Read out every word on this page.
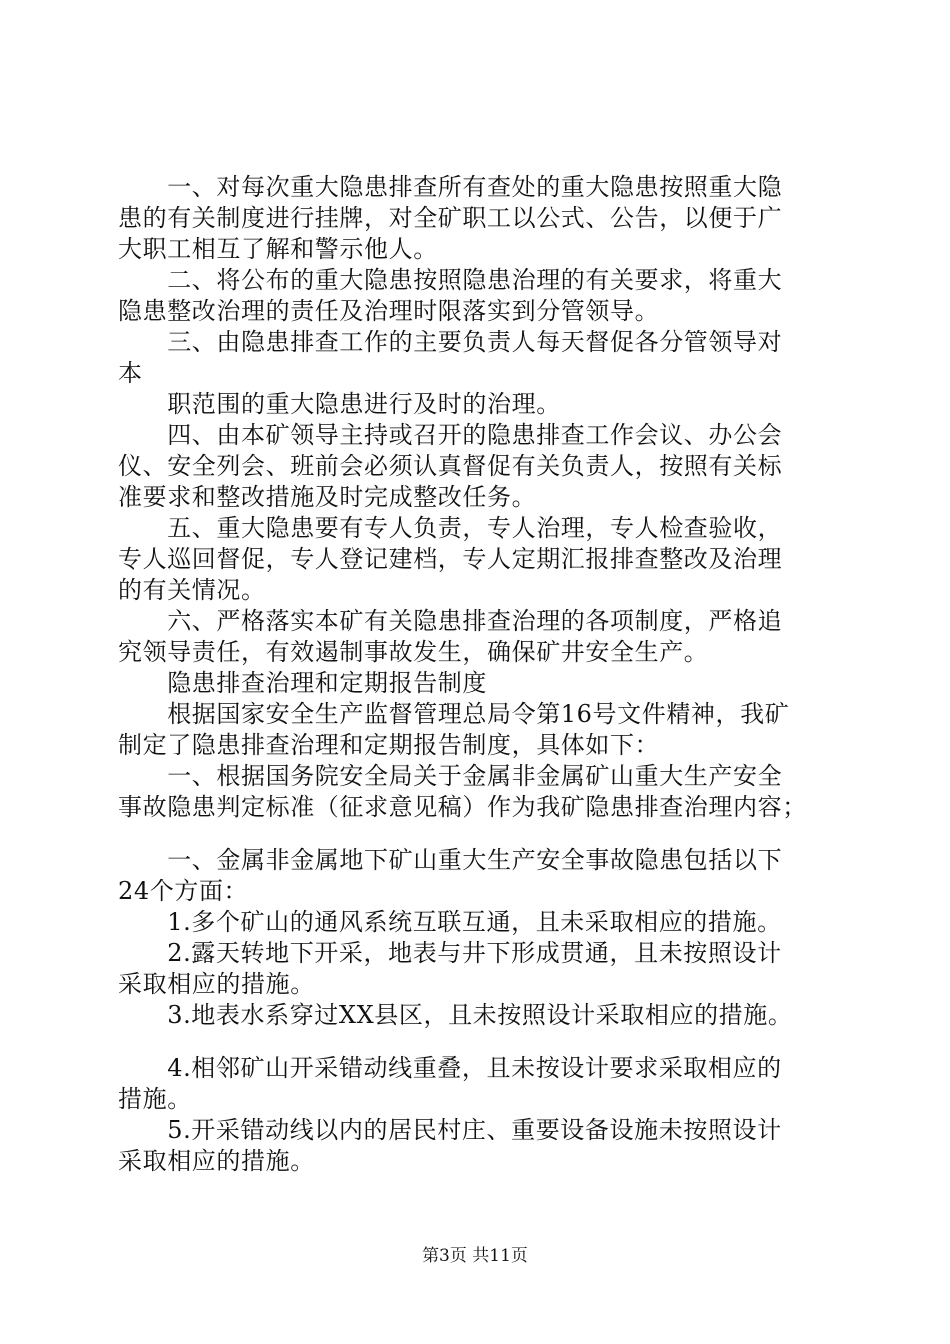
　　一、对每次重大隐患排查所有查处的重大隐患按照重大隐
患的有关制度进行挂牌，对全矿职工以公式、公告，以便于广
大职工相互了解和警示他人。
　　二、将公布的重大隐患按照隐患治理的有关要求，将重大
隐患整改治理的责任及治理时限落实到分管领导。
　　三、由隐患排查工作的主要负责人每天督促各分管领导对
本
　　职范围的重大隐患进行及时的治理。
　　四、由本矿领导主持或召开的隐患排查工作会议、办公会
仪、安全列会、班前会必须认真督促有关负责人，按照有关标
准要求和整改措施及时完成整改任务。
　　五、重大隐患要有专人负责，专人治理，专人检查验收，
专人巡回督促，专人登记建档，专人定期汇报排查整改及治理
的有关情况。
　　六、严格落实本矿有关隐患排查治理的各项制度，严格追
究领导责任，有效遏制事故发生，确保矿井安全生产。
　　隐患排查治理和定期报告制度
　　根据国家安全生产监督管理总局令第16号文件精神，我矿
制定了隐患排查治理和定期报告制度，具体如下：
　　一、根据国务院安全局关于金属非金属矿山重大生产安全
事故隐患判定标准（征求意见稿）作为我矿隐患排查治理内容；
　　一、金属非金属地下矿山重大生产安全事故隐患包括以下
24个方面：
　　1.多个矿山的通风系统互联互通，且未采取相应的措施。
　　2.露天转地下开采，地表与井下形成贯通，且未按照设计
采取相应的措施。
　　3.地表水系穿过XX县区，且未按照设计采取相应的措施。
　　4.相邻矿山开采错动线重叠，且未按设计要求采取相应的
措施。
　　5.开采错动线以内的居民村庄、重要设备设施未按照设计
采取相应的措施。
第3页 共11页
